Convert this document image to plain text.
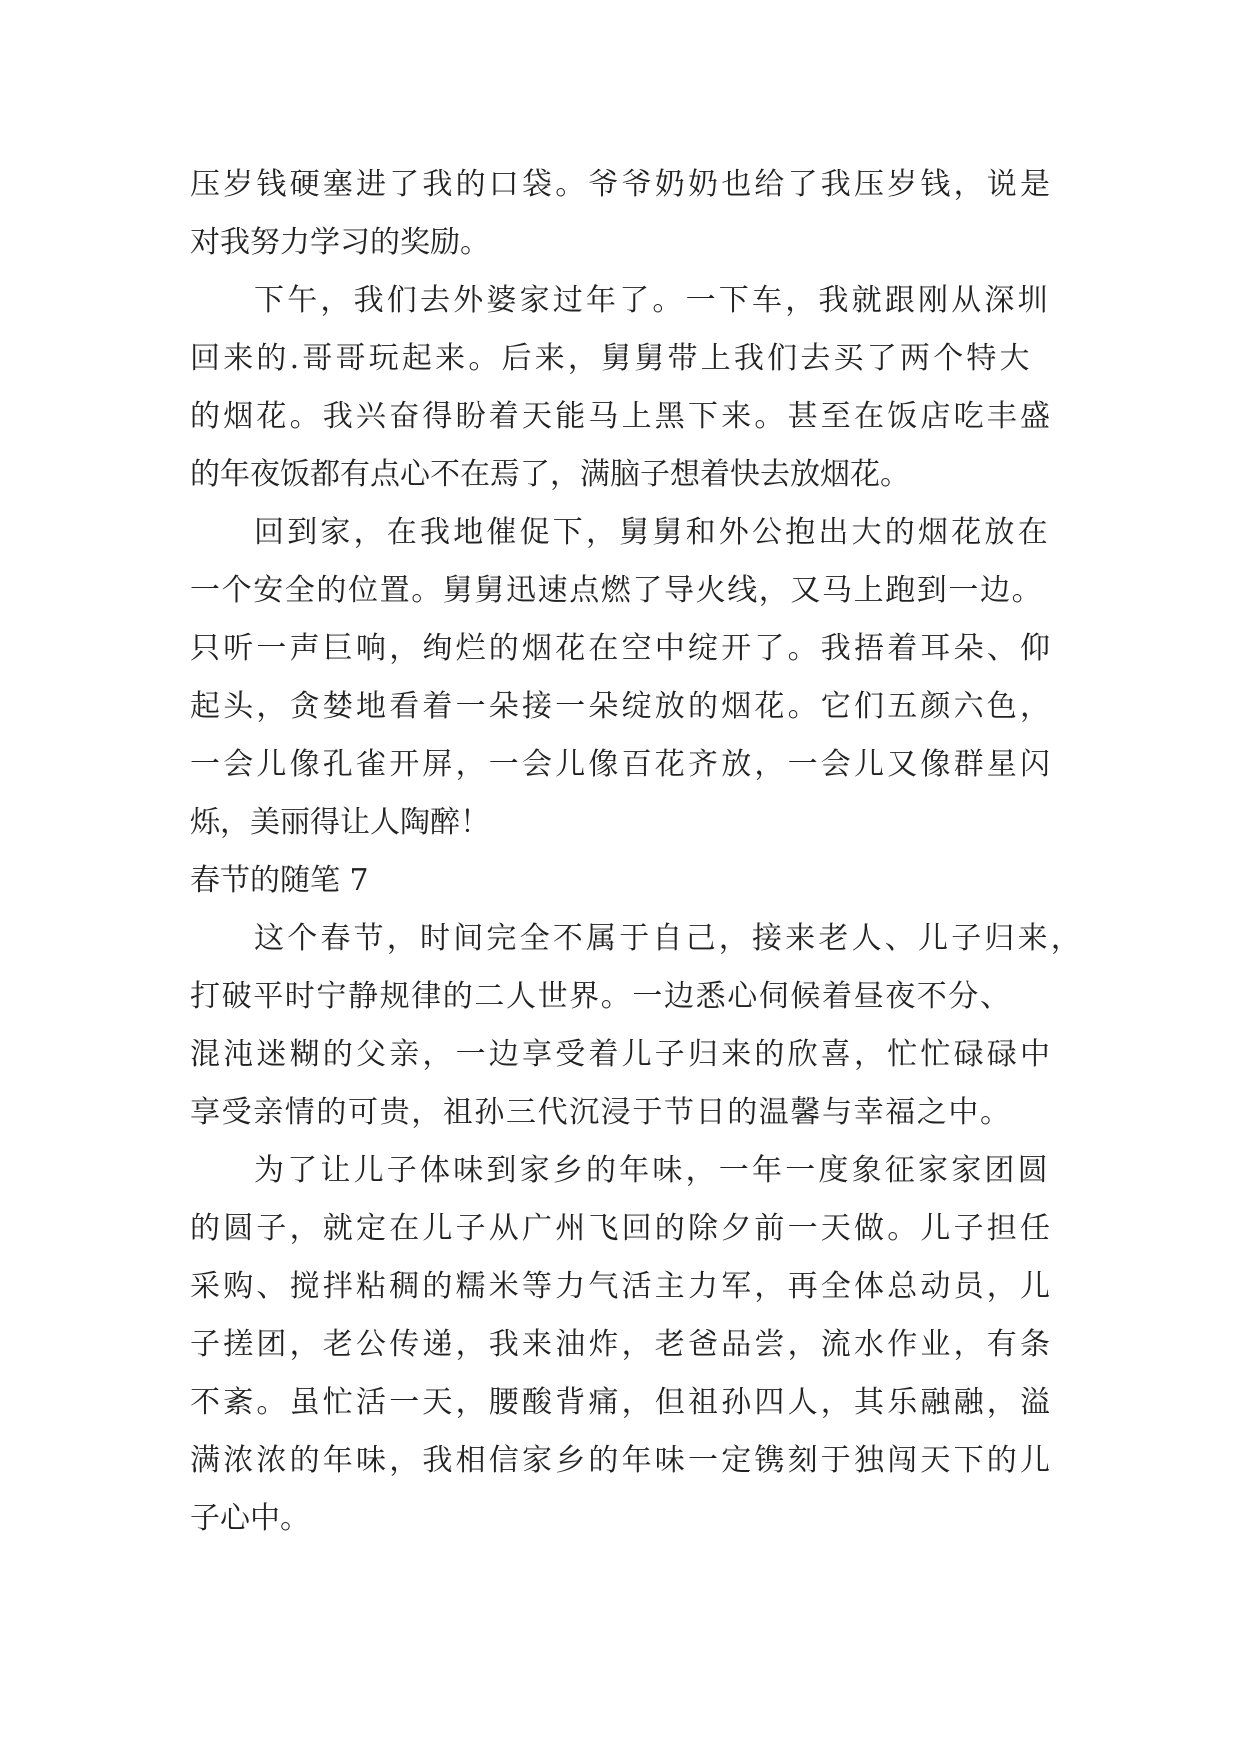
压岁钱硬塞进了我的口袋。爷爷奶奶也给了我压岁钱，说是
对我努力学习的奖励。
下午，我们去外婆家过年了。一下车，我就跟刚从深圳
回来的.哥哥玩起来。后来，舅舅带上我们去买了两个特大
的烟花。我兴奋得盼着天能马上黑下来。甚至在饭店吃丰盛
的年夜饭都有点心不在焉了，满脑子想着快去放烟花。
回到家，在我地催促下，舅舅和外公抱出大的烟花放在
一个安全的位置。舅舅迅速点燃了导火线，又马上跑到一边。
只听一声巨响，绚烂的烟花在空中绽开了。我捂着耳朵、仰
起头，贪婪地看着一朵接一朵绽放的烟花。它们五颜六色，
一会儿像孔雀开屏，一会儿像百花齐放，一会儿又像群星闪
烁，美丽得让人陶醉！
春节的随笔 7
这个春节，时间完全不属于自己，接来老人、儿子归来，
打破平时宁静规律的二人世界。一边悉心伺候着昼夜不分、
混沌迷糊的父亲，一边享受着儿子归来的欣喜，忙忙碌碌中
享受亲情的可贵，祖孙三代沉浸于节日的温馨与幸福之中。
为了让儿子体味到家乡的年味，一年一度象征家家团圆
的圆子，就定在儿子从广州飞回的除夕前一天做。儿子担任
采购、搅拌粘稠的糯米等力气活主力军，再全体总动员，儿
子搓团，老公传递，我来油炸，老爸品尝，流水作业，有条
不紊。虽忙活一天，腰酸背痛，但祖孙四人，其乐融融，溢
满浓浓的年味，我相信家乡的年味一定镌刻于独闯天下的儿
子心中。
